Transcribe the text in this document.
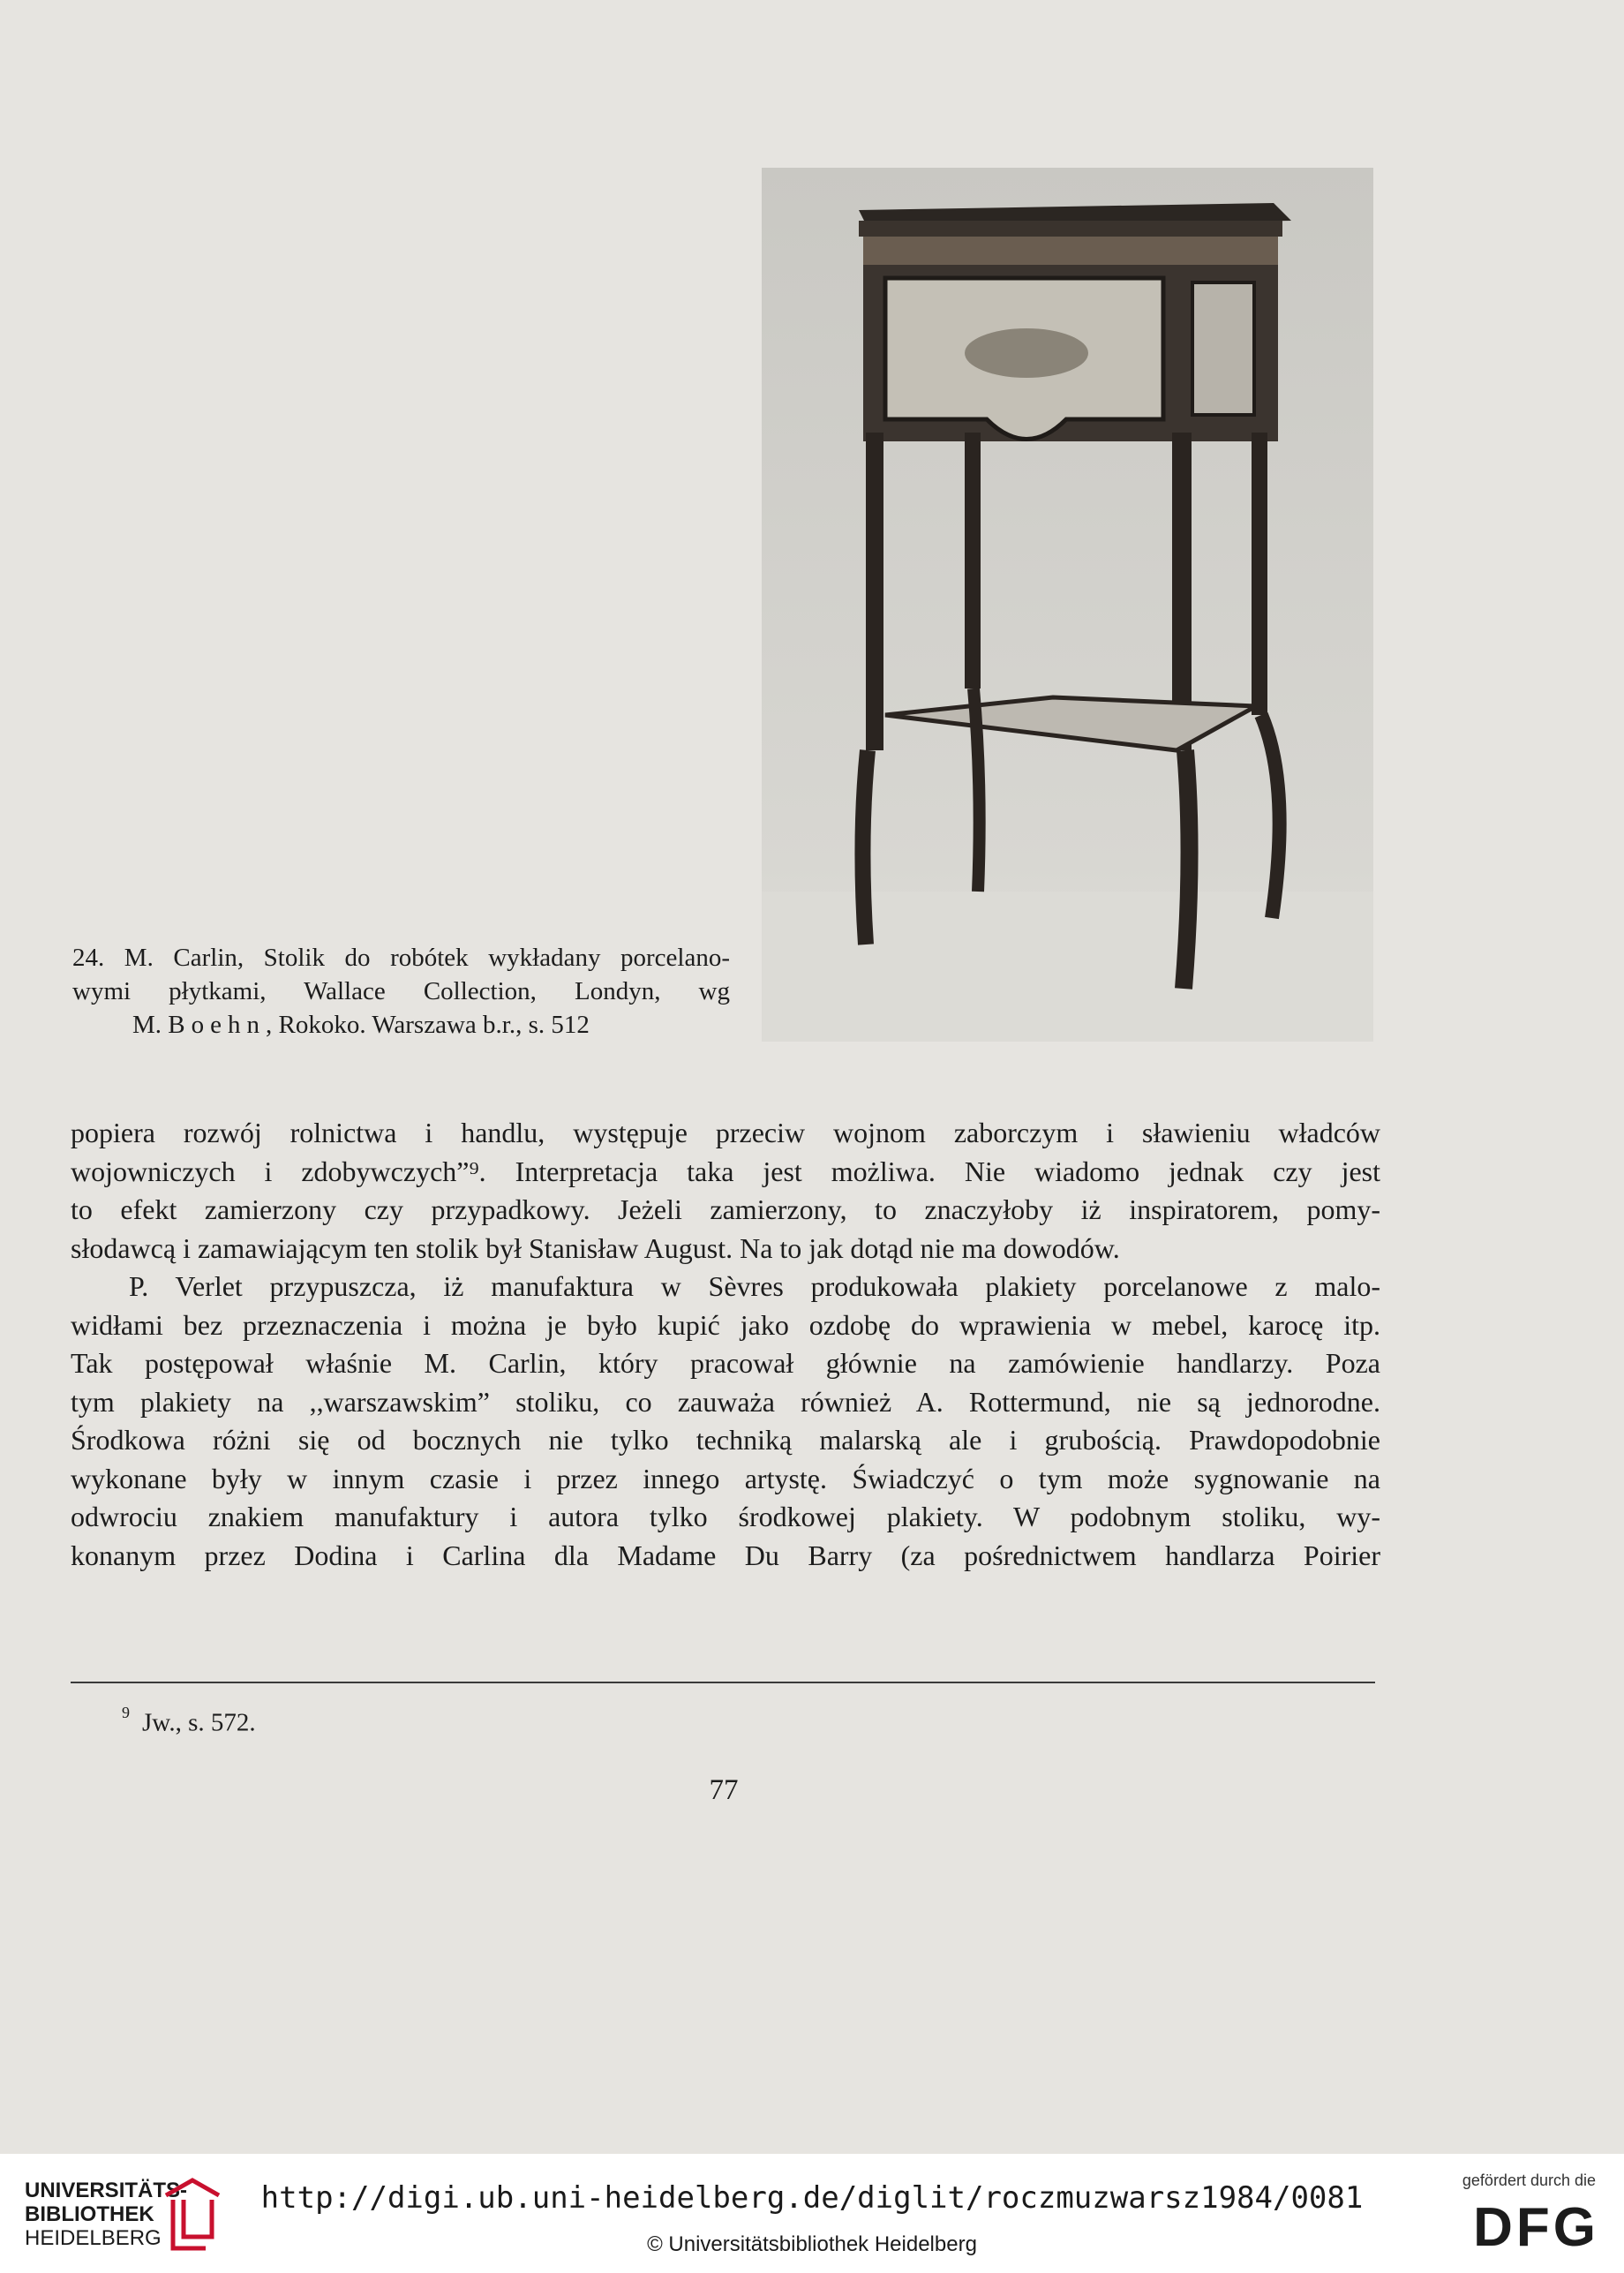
24. M. Carlin, Stolik do robótek wykładany porcelano-
wymi płytkami, Wallace Collection, Londyn, wg
M. Boehn, Rokoko. Warszawa b.r., s. 512
popiera rozwój rolnictwa i handlu, występuje przeciw wojnom zaborczym i sławieniu władców
wojowniczych i zdobywczych”⁹. Interpretacja taka jest możliwa. Nie wiadomo jednak czy jest
to efekt zamierzony czy przypadkowy. Jeżeli zamierzony, to znaczyłoby iż inspiratorem, pomy-
słodawcą i zamawiającym ten stolik był Stanisław August. Na to jak dotąd nie ma dowodów.
P. Verlet przypuszcza, iż manufaktura w Sèvres produkowała plakiety porcelanowe z malo-
widłami bez przeznaczenia i można je było kupić jako ozdobę do wprawienia w mebel, karocę itp.
Tak postępował właśnie M. Carlin, który pracował głównie na zamówienie handlarzy. Poza
tym plakiety na ,,warszawskim” stoliku, co zauważa również A. Rottermund, nie są jednorodne.
Środkowa różni się od bocznych nie tylko techniką malarską ale i grubością. Prawdopodobnie
wykonane były w innym czasie i przez innego artystę. Świadczyć o tym może sygnowanie na
odwrociu znakiem manufaktury i autora tylko środkowej plakiety. W podobnym stoliku, wy-
konanym przez Dodina i Carlina dla Madame Du Barry (za pośrednictwem handlarza Poirier
$^9$ Jw., s. 572.
77
UNIVERSITÄTS-
BIBLIOTHEK
HEIDELBERG
http://digi.ub.uni-heidelberg.de/diglit/roczmuzwarsz1984/0081
© Universitätsbibliothek Heidelberg
gefördert durch die
DFG
